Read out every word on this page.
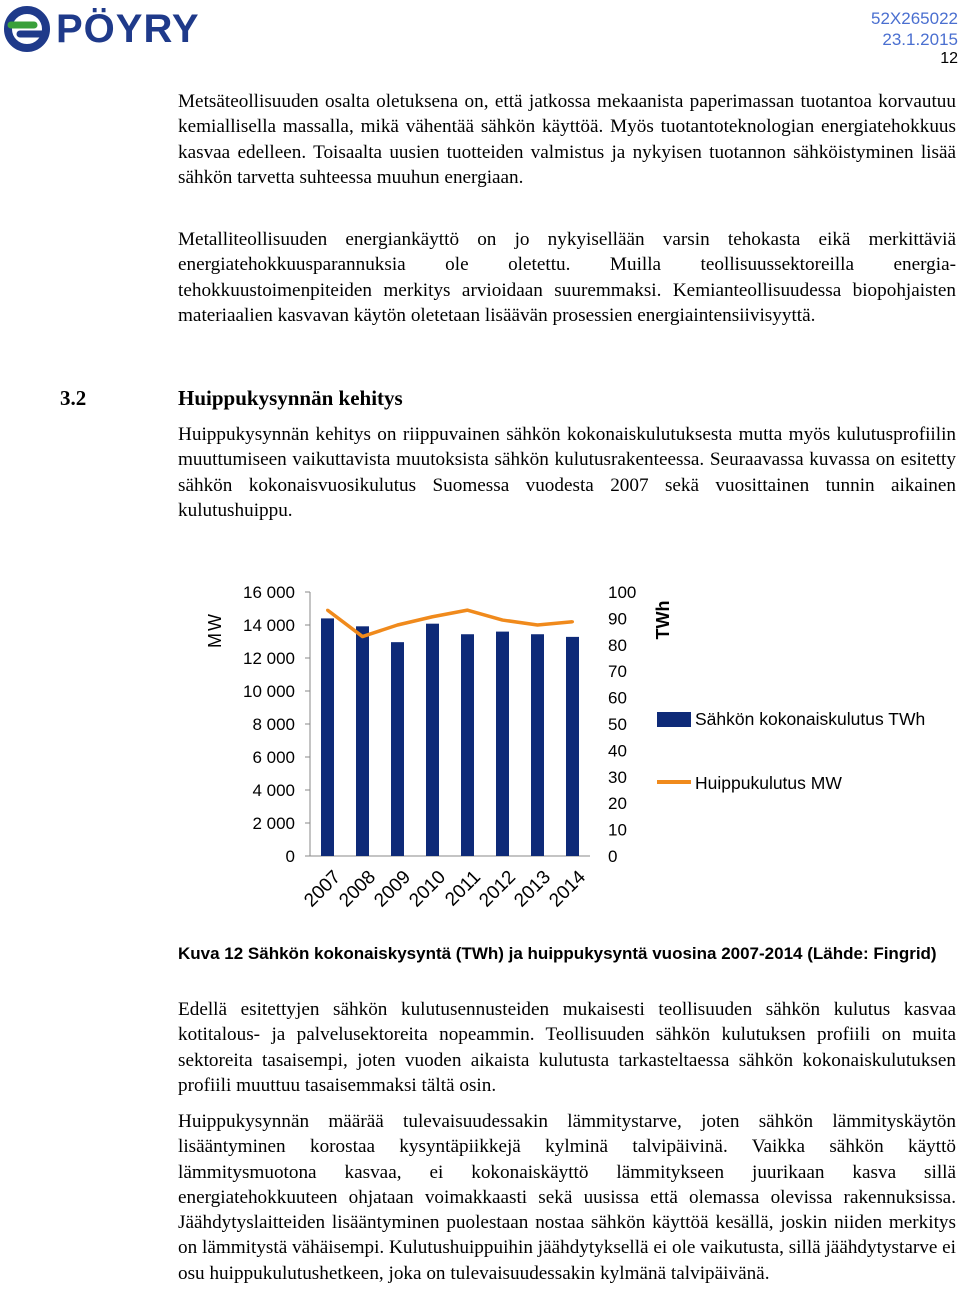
PÖYRY	52X265022
23.1.2015
12

Metsäteollisuuden osalta oletuksena on, että jatkossa mekaanista paperimassan tuotantoa korvautuu kemiallisella massalla, mikä vähentää sähkön käyttöä. Myös tuotantoteknologian energiatehokkuus kasvaa edelleen. Toisaalta uusien tuotteiden valmistus ja nykyisen tuotannon sähköistyminen lisää sähkön tarvetta suhteessa muuhun energiaan.

Metalliteollisuuden energiankäyttö on jo nykyisellään varsin tehokasta eikä merkittäviä energiatehokkuusparannuksia ole oletettu. Muilla teollisuussektoreilla energia-tehokkuustoimenpiteiden merkitys arvioidaan suuremmaksi. Kemianteollisuudessa biopohjaisten materiaalien kasvavan käytön oletetaan lisäävän prosessien energiaintensiivisyyttä.

3.2	Huippukysynnän kehitys

Huippukysynnän kehitys on riippuvainen sähkön kokonaiskulutuksesta mutta myös kulutusprofiilin muuttumiseen vaikuttavista muutoksista sähkön kulutusrakenteessa. Seuraavassa kuvassa on esitetty sähkön kokonaisvuosikulutus Suomessa vuodesta 2007 sekä vuosittainen tunnin aikainen kulutushuippu.

16 000
14 000
12 000
10 000
8 000
6 000
4 000
2 000
0
100
90
80
70
60
50
40
30
20
10
0
MW	TWh
2007
2008
2009
2010
2011
2012
2013
2014
Sähkön kokonaiskulutus TWh
Huippukulutus MW

Kuva 12 Sähkön kokonaiskysyntä (TWh) ja huippukysyntä vuosina 2007-2014 (Lähde: Fingrid)

Edellä esitettyjen sähkön kulutusennusteiden mukaisesti teollisuuden sähkön kulutus kasvaa kotitalous- ja palvelusektoreita nopeammin. Teollisuuden sähkön kulutuksen profiili on muita sektoreita tasaisempi, joten vuoden aikaista kulutusta tarkasteltaessa sähkön kokonaiskulutuksen profiili muuttuu tasaisemmaksi tältä osin.

Huippukysynnän määrää tulevaisuudessakin lämmitystarve, joten sähkön lämmityskäytön lisääntyminen korostaa kysyntäpiikkejä kylminä talvipäivinä. Vaikka sähkön käyttö lämmitysmuotona kasvaa, ei kokonaiskäyttö lämmitykseen juurikaan kasva sillä energiatehokkuuteen ohjataan voimakkaasti sekä uusissa että olemassa olevissa rakennuksissa. Jäähdytyslaitteiden lisääntyminen puolestaan nostaa sähkön käyttöä kesällä, joskin niiden merkitys on lämmitystä vähäisempi. Kulutushuippuihin jäähdytyksellä ei ole vaikutusta, sillä jäähdytystarve ei osu huippukulutushetkeen, joka on tulevaisuudessakin kylmänä talvipäivänä.
